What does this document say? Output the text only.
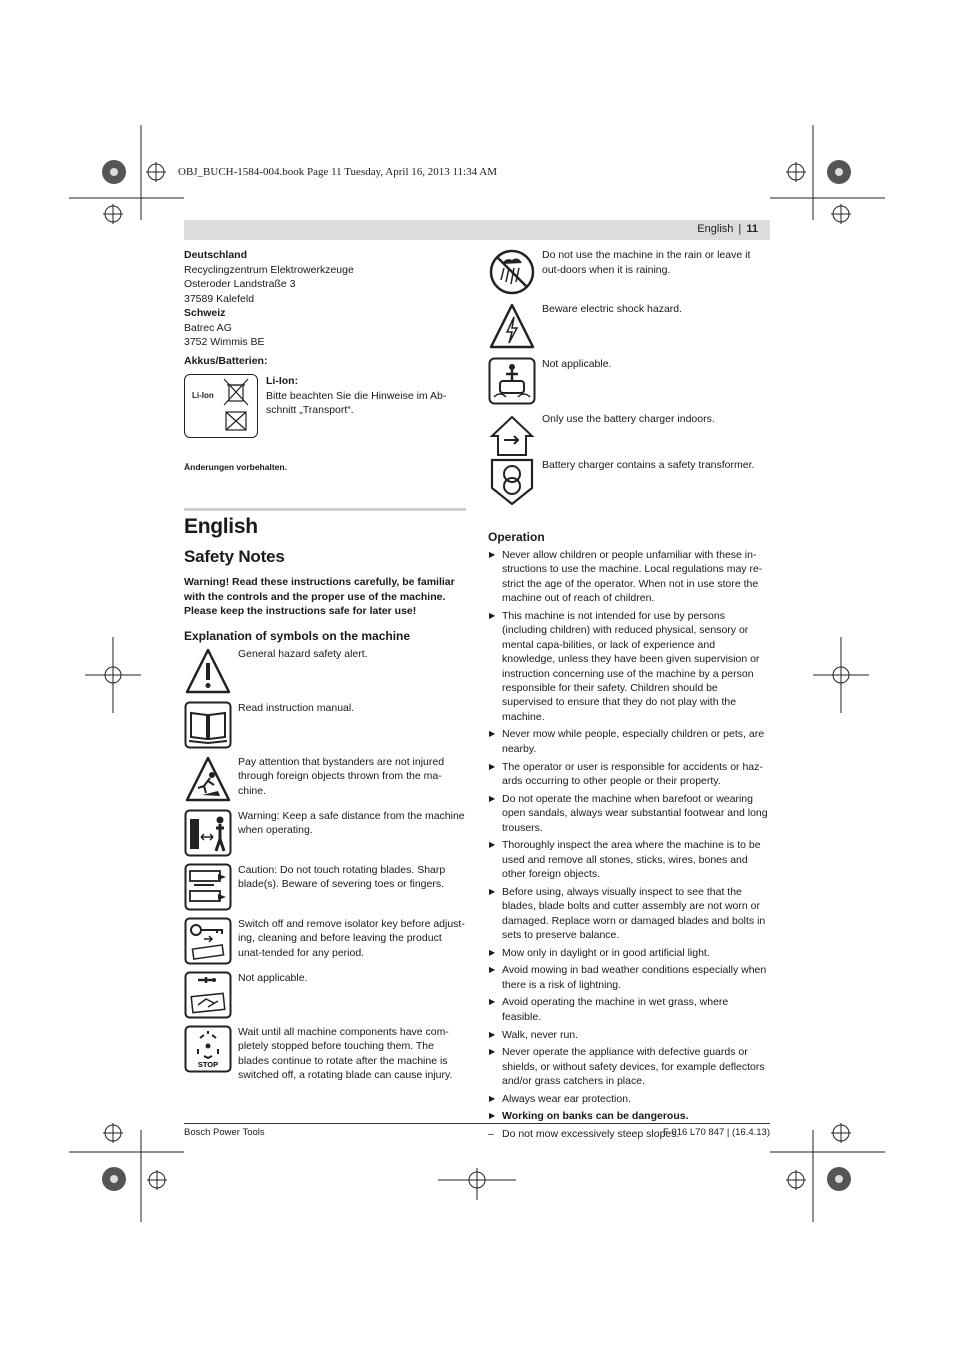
OBJ_BUCH-1584-004.book Page 11 Tuesday, April 16, 2013 11:34 AM
English | 11
Deutschland
Recyclingzentrum Elektrowerkzeuge
Osteroder Landstraße 3
37589 Kalefeld
Schweiz
Batrec AG
3752 Wimmis BE
Akkus/Batterien:
Li-Ion
Li-Ion:
Bitte beachten Sie die Hinweise im Ab-schnitt „Transport“.
Änderungen vorbehalten.
English
Safety Notes
Warning! Read these instructions carefully, be familiar with the controls and the proper use of the machine. Please keep the instructions safe for later use!
Explanation of symbols on the machine
General hazard safety alert.
Read instruction manual.
Pay attention that bystanders are not injured through foreign objects thrown from the ma-chine.
Warning: Keep a safe distance from the machine when operating.
Caution: Do not touch rotating blades. Sharp blade(s). Beware of severing toes or fingers.
Switch off and remove isolator key before adjust-ing, cleaning and before leaving the product unat-tended for any period.
Not applicable.
STOP
Wait until all machine components have com-pletely stopped before touching them. The blades continue to rotate after the machine is switched off, a rotating blade can cause injury.
Do not use the machine in the rain or leave it out-doors when it is raining.
Beware electric shock hazard.
Not applicable.
Only use the battery charger indoors.
Battery charger contains a safety transformer.
Operation
▶ Never allow children or people unfamiliar with these in-structions to use the machine. Local regulations may re-strict the age of the operator. When not in use store the machine out of reach of children.
▶ This machine is not intended for use by persons (including children) with reduced physical, sensory or mental capa-bilities, or lack of experience and knowledge, unless they have been given supervision or instruction concerning use of the machine by a person responsible for their safety. Children should be supervised to ensure that they do not play with the machine.
▶ Never mow while people, especially children or pets, are nearby.
▶ The operator or user is responsible for accidents or haz-ards occurring to other people or their property.
▶ Do not operate the machine when barefoot or wearing open sandals, always wear substantial footwear and long trousers.
▶ Thoroughly inspect the area where the machine is to be used and remove all stones, sticks, wires, bones and other foreign objects.
▶ Before using, always visually inspect to see that the blades, blade bolts and cutter assembly are not worn or damaged. Replace worn or damaged blades and bolts in sets to preserve balance.
▶ Mow only in daylight or in good artificial light.
▶ Avoid mowing in bad weather conditions especially when there is a risk of lightning.
▶ Avoid operating the machine in wet grass, where feasible.
▶ Walk, never run.
▶ Never operate the appliance with defective guards or shields, or without safety devices, for example deflectors and/or grass catchers in place.
▶ Always wear ear protection.
▶ Working on banks can be dangerous.
– Do not mow excessively steep slopes.
Bosch Power Tools	F 016 L70 847 | (16.4.13)
